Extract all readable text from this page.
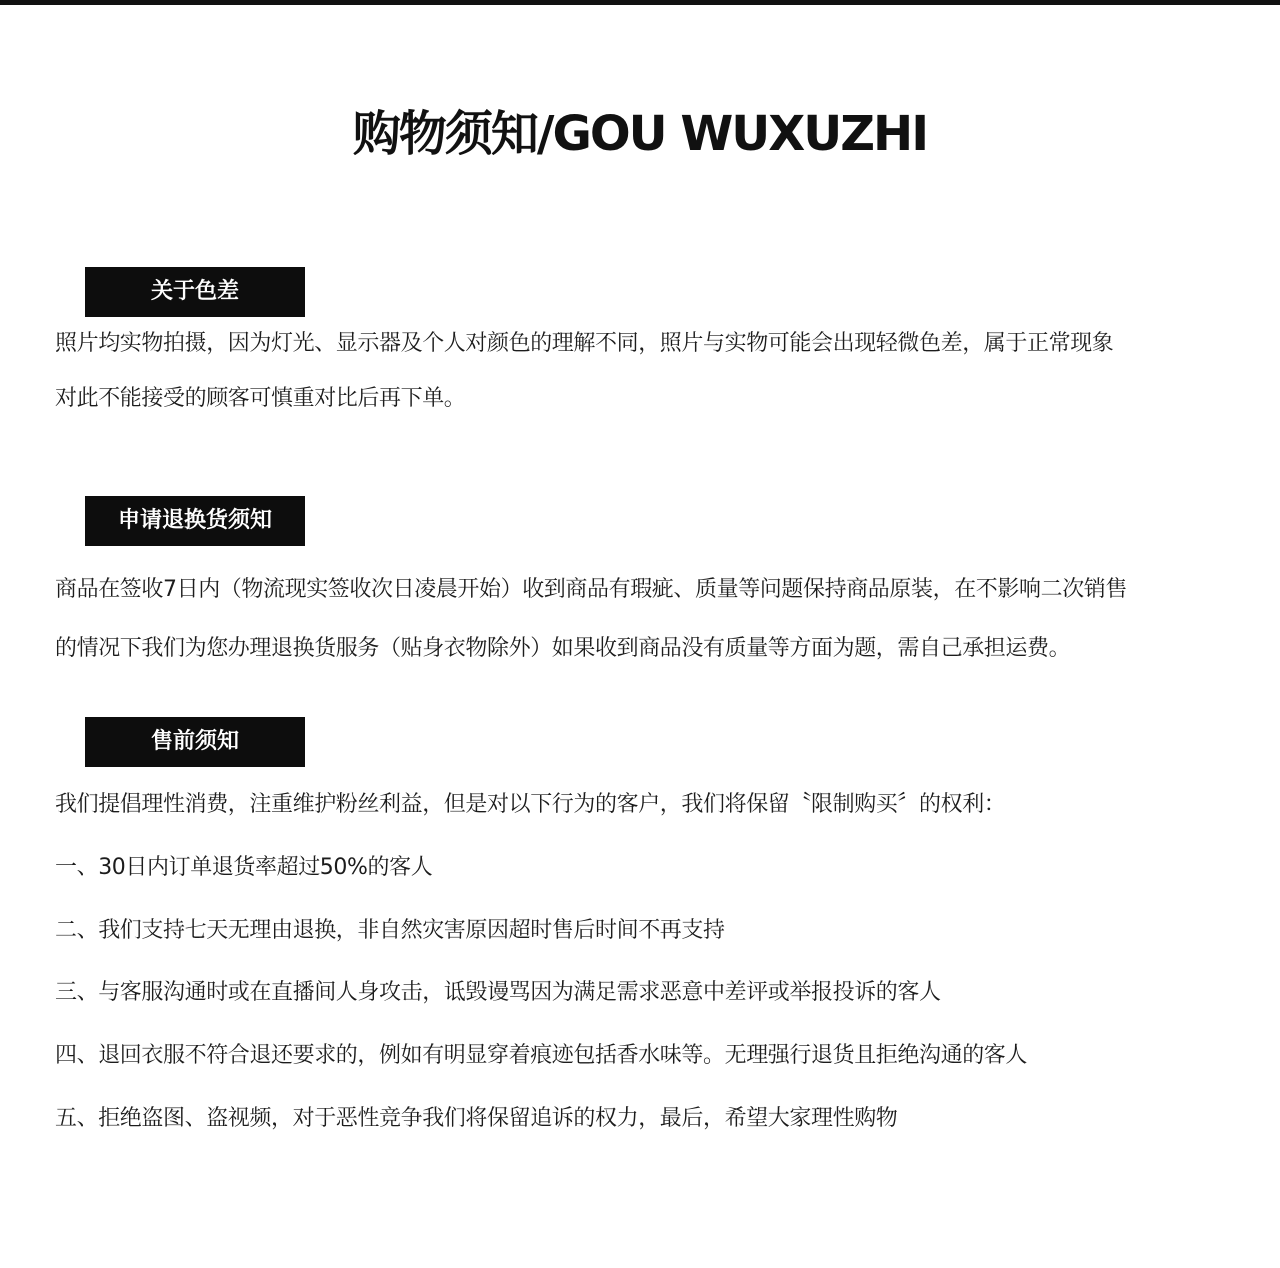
购物须知/GOU WUXUZHI
关于色差
照片均实物拍摄，因为灯光、显示器及个人对颜色的理解不同，照片与实物可能会出现轻微色差，属于正常现象
对此不能接受的顾客可慎重对比后再下单。
申请退换货须知
商品在签收7日内（物流现实签收次日凌晨开始）收到商品有瑕疵、质量等问题保持商品原装，在不影响二次销售
的情况下我们为您办理退换货服务（贴身衣物除外）如果收到商品没有质量等方面为题，需自己承担运费。
售前须知
我们提倡理性消费，注重维护粉丝利益，但是对以下行为的客户，我们将保留〝限制购买〞的权利：
一、30日内订单退货率超过50%的客人
二、我们支持七天无理由退换，非自然灾害原因超时售后时间不再支持
三、与客服沟通时或在直播间人身攻击，诋毁谩骂因为满足需求恶意中差评或举报投诉的客人
四、退回衣服不符合退还要求的，例如有明显穿着痕迹包括香水味等。无理强行退货且拒绝沟通的客人
五、拒绝盗图、盗视频，对于恶性竞争我们将保留追诉的权力，最后，希望大家理性购物
